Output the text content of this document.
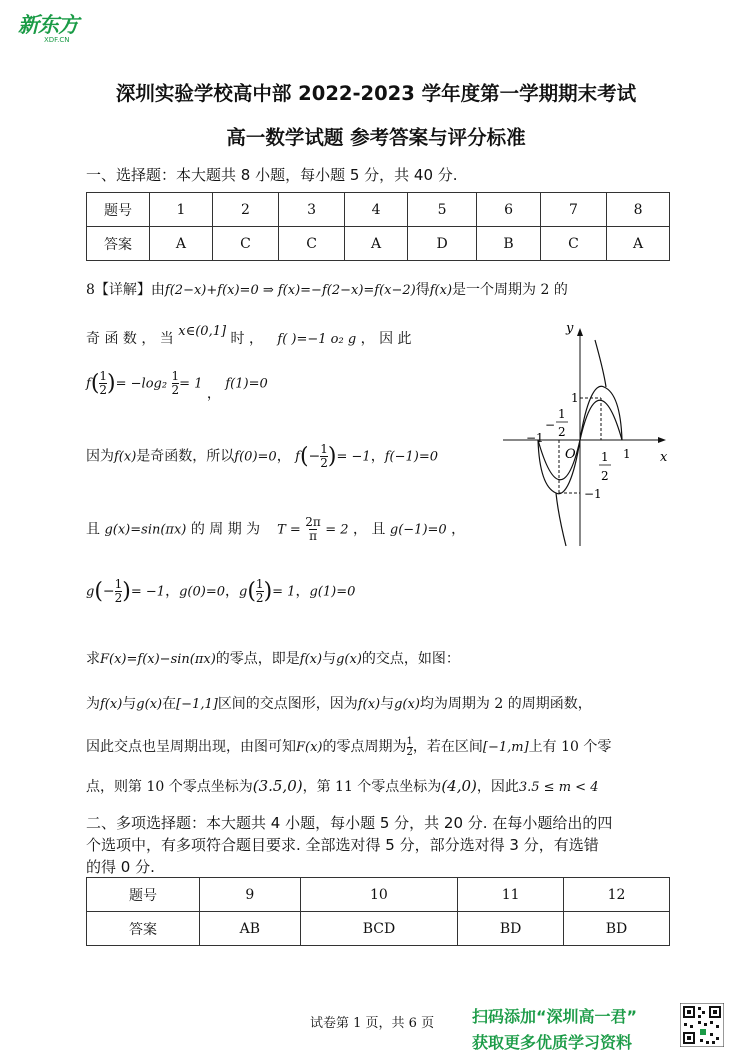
新东方
XDF.CN
深圳实验学校高中部 2022-2023 学年度第一学期期末考试
高一数学试题 参考答案与评分标准
一、选择题：本大题共 8 小题，每小题 5 分，共 40 分.
题号	1	2	3	4	5	6	7	8
答案	A	C	C	A	D	B	C	A
8【详解】由f(2−x)+f(x)=0 ⇒ f(x)=−f(2−x)=f(x−2)得f(x)是一个周期为 2 的
奇 函 数 ， 当 x∈(0,1] 时 ， f( )=−1 o₂ g ， 因 此
$f( \frac{1}{2}$ )= $-\log_2 \frac{1}{2} = 1$ ， f(1)=0
因为f(x)是奇函数，所以f(0)=0， $f(- \frac{1}{2}$ )= −1，f(−1)=0
且 g(x)=sin(πx) 的 周 期 为 $T = \frac{2\pi}{\pi} = 2$ ， 且 g(−1)=0 ，
$g(- \frac{1}{2}$ )= −1，g(0)=0，$g( \frac{1}{2}$ )= 1，g(1)=0
求F(x)=f(x)−sin(πx)的零点，即是f(x)与g(x)的交点，如图：
为f(x)与g(x)在[−1,1]区间的交点图形，因为f(x)与g(x)均为周期为 2 的周期函数，
因此交点也呈周期出现，由图可知F(x)的零点周期为 $\frac{1}{2}$ ，若在区间[−1,m]上有 10 个零
点，则第 10 个零点坐标为(3.5,0)，第 11 个零点坐标为(4,0)，因此3.5 ≤ m < 4
y
x
O
1
−1
−1
1
−
1
2
1
2
二、多项选择题：本大题共 4 小题，每小题 5 分，共 20 分. 在每小题给出的四
个选项中，有多项符合题目要求. 全部选对得 5 分，部分选对得 3 分，有选错
的得 0 分.
题号	9	10	11	12
答案	AB	BCD	BD	BD
试卷第 1 页，共 6 页 扫码添加“深圳高一君”
获取更多优质学习资料
